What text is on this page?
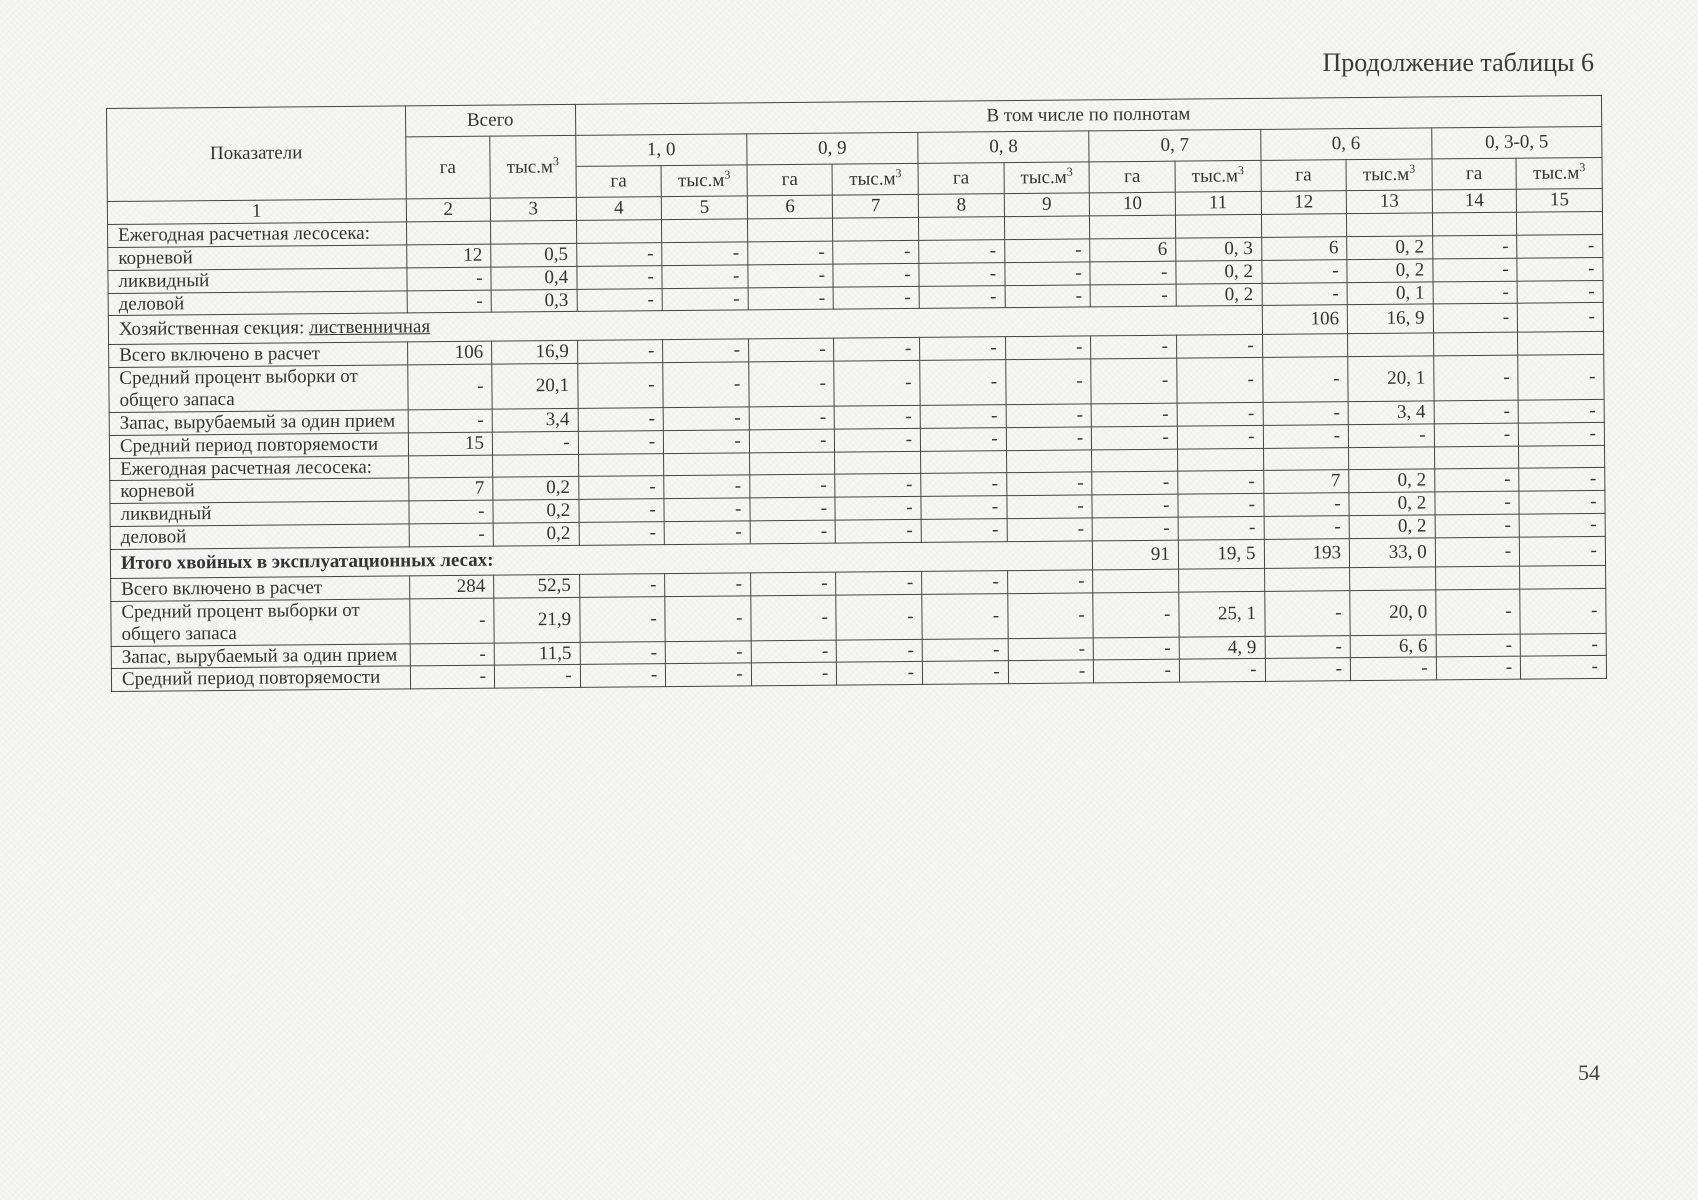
Продолжение таблицы 6
Показатели	Всего		В том числе по полнотам											
	га	$тыс.м^3$	1, 0		0, 9		0, 8		0, 7		0, 6		0, 3-0, 5	
			га	$тыс.м^3$	га	$тыс.м^3$	га	$тыс.м^3$	га	$тыс.м^3$	га	$тыс.м^3$	га	$тыс.м^3$
1	2	3	4	5	6	7	8	9	10	11	12	13	14	15
Ежегодная расчетная лесосека:														
корневой	12	0,5	-	-	-	-	-	-	6	0, 3	6	0, 2	-	-
ликвидный	-	0,4	-	-	-	-	-	-	-	0, 2	-	0, 2	-	-
деловой	-	0,3	-	-	-	-	-	-	-	0, 2	-	0, 1	-	-
Хозяйственная секция: лиственничная											106	16, 9	-	-
Всего включено в расчет	106	16,9	-	-	-	-	-	-	-	-				
Средний процент выборки от общего запаса	-	20,1	-	-	-	-	-	-	-	-	-	20, 1	-	-
Запас, вырубаемый за один прием	-	3,4	-	-	-	-	-	-	-	-	-	3, 4	-	-
Средний период повторяемости	15	-	-	-	-	-	-	-	-	-	-	-	-	-
Ежегодная расчетная лесосека:														
корневой	7	0,2	-	-	-	-	-	-	-	-	7	0, 2	-	-
ликвидный	-	0,2	-	-	-	-	-	-	-	-	-	0, 2	-	-
деловой	-	0,2	-	-	-	-	-	-	-	-	-	0, 2	-	-
Итого хвойных в эксплуатационных лесах:									91	19, 5	193	33, 0	-	-
Всего включено в расчет	284	52,5	-	-	-	-	-	-						
Средний процент выборки от общего запаса	-	21,9	-	-	-	-	-	-	-	25, 1	-	20, 0	-	-
Запас, вырубаемый за один прием	-	11,5	-	-	-	-	-	-	-	4, 9	-	6, 6	-	-
Средний период повторяемости	-	-	-	-	-	-	-	-	-	-	-	-	-	-
54
